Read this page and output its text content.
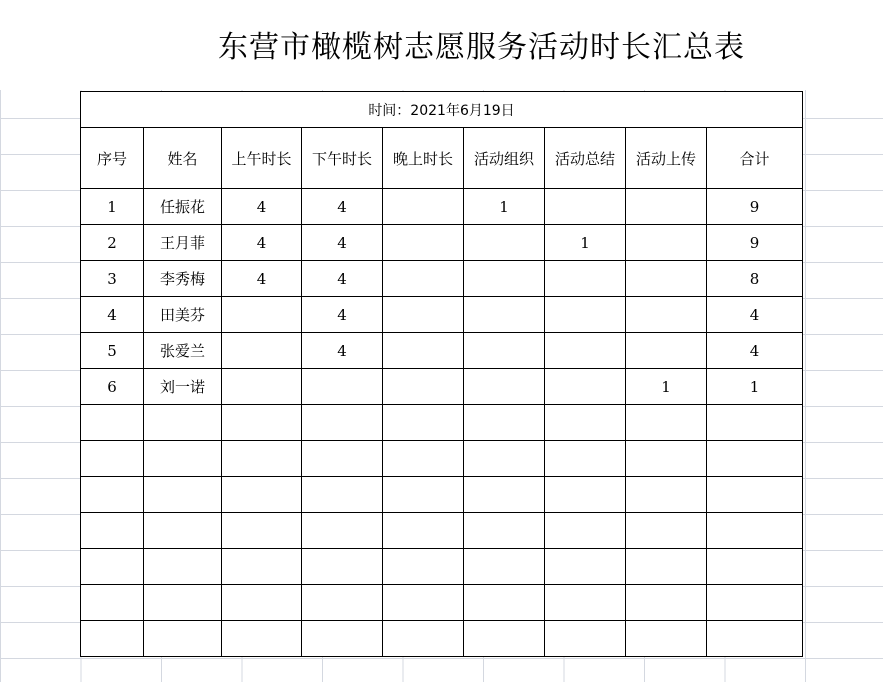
东营市橄榄树志愿服务活动时长汇总表
时间：2021年6月19日								
序号	姓名	上午时长	下午时长	晚上时长	活动组织	活动总结	活动上传	合计
1	任振花	4	4		1			9
2	王月菲	4	4			1		9
3	李秀梅	4	4					8
4	田美芬		4					4
5	张爱兰		4					4
6	刘一诺						1	1
